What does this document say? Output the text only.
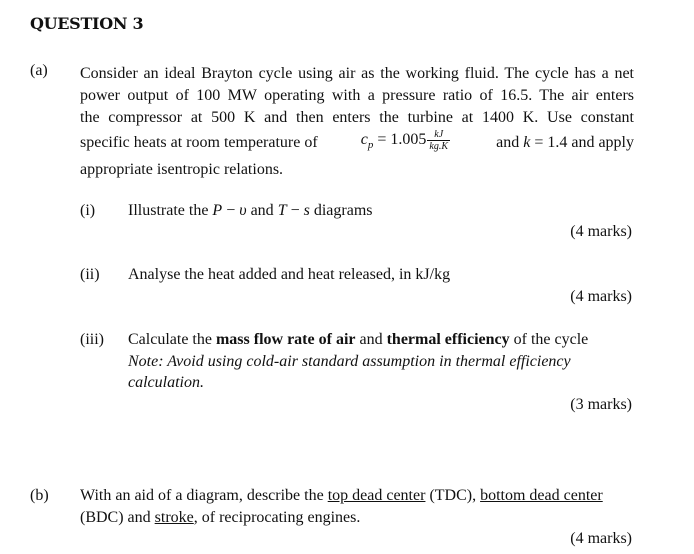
QUESTION 3
(a) Consider an ideal Brayton cycle using air as the working fluid. The cycle has a net
power output of 100 MW operating with a pressure ratio of 16.5. The air enters
the compressor at 500 K and then enters the turbine at 1400 K. Use constant
specific heats at room temperature of	$c_p = 1.005 \frac{kJ}{kg.K}$	and k = 1.4 and apply
appropriate isentropic relations.
(i) Illustrate the P − υ and T − s diagrams
(4 marks)
(ii) Analyse the heat added and heat released, in kJ/kg
(4 marks)
(iii) Calculate the mass flow rate of air and thermal efficiency of the cycle
Note: Avoid using cold-air standard assumption in thermal efficiency
calculation.
(3 marks)
(b) With an aid of a diagram, describe the top dead center (TDC), bottom dead center
(BDC) and stroke, of reciprocating engines.
(4 marks)
